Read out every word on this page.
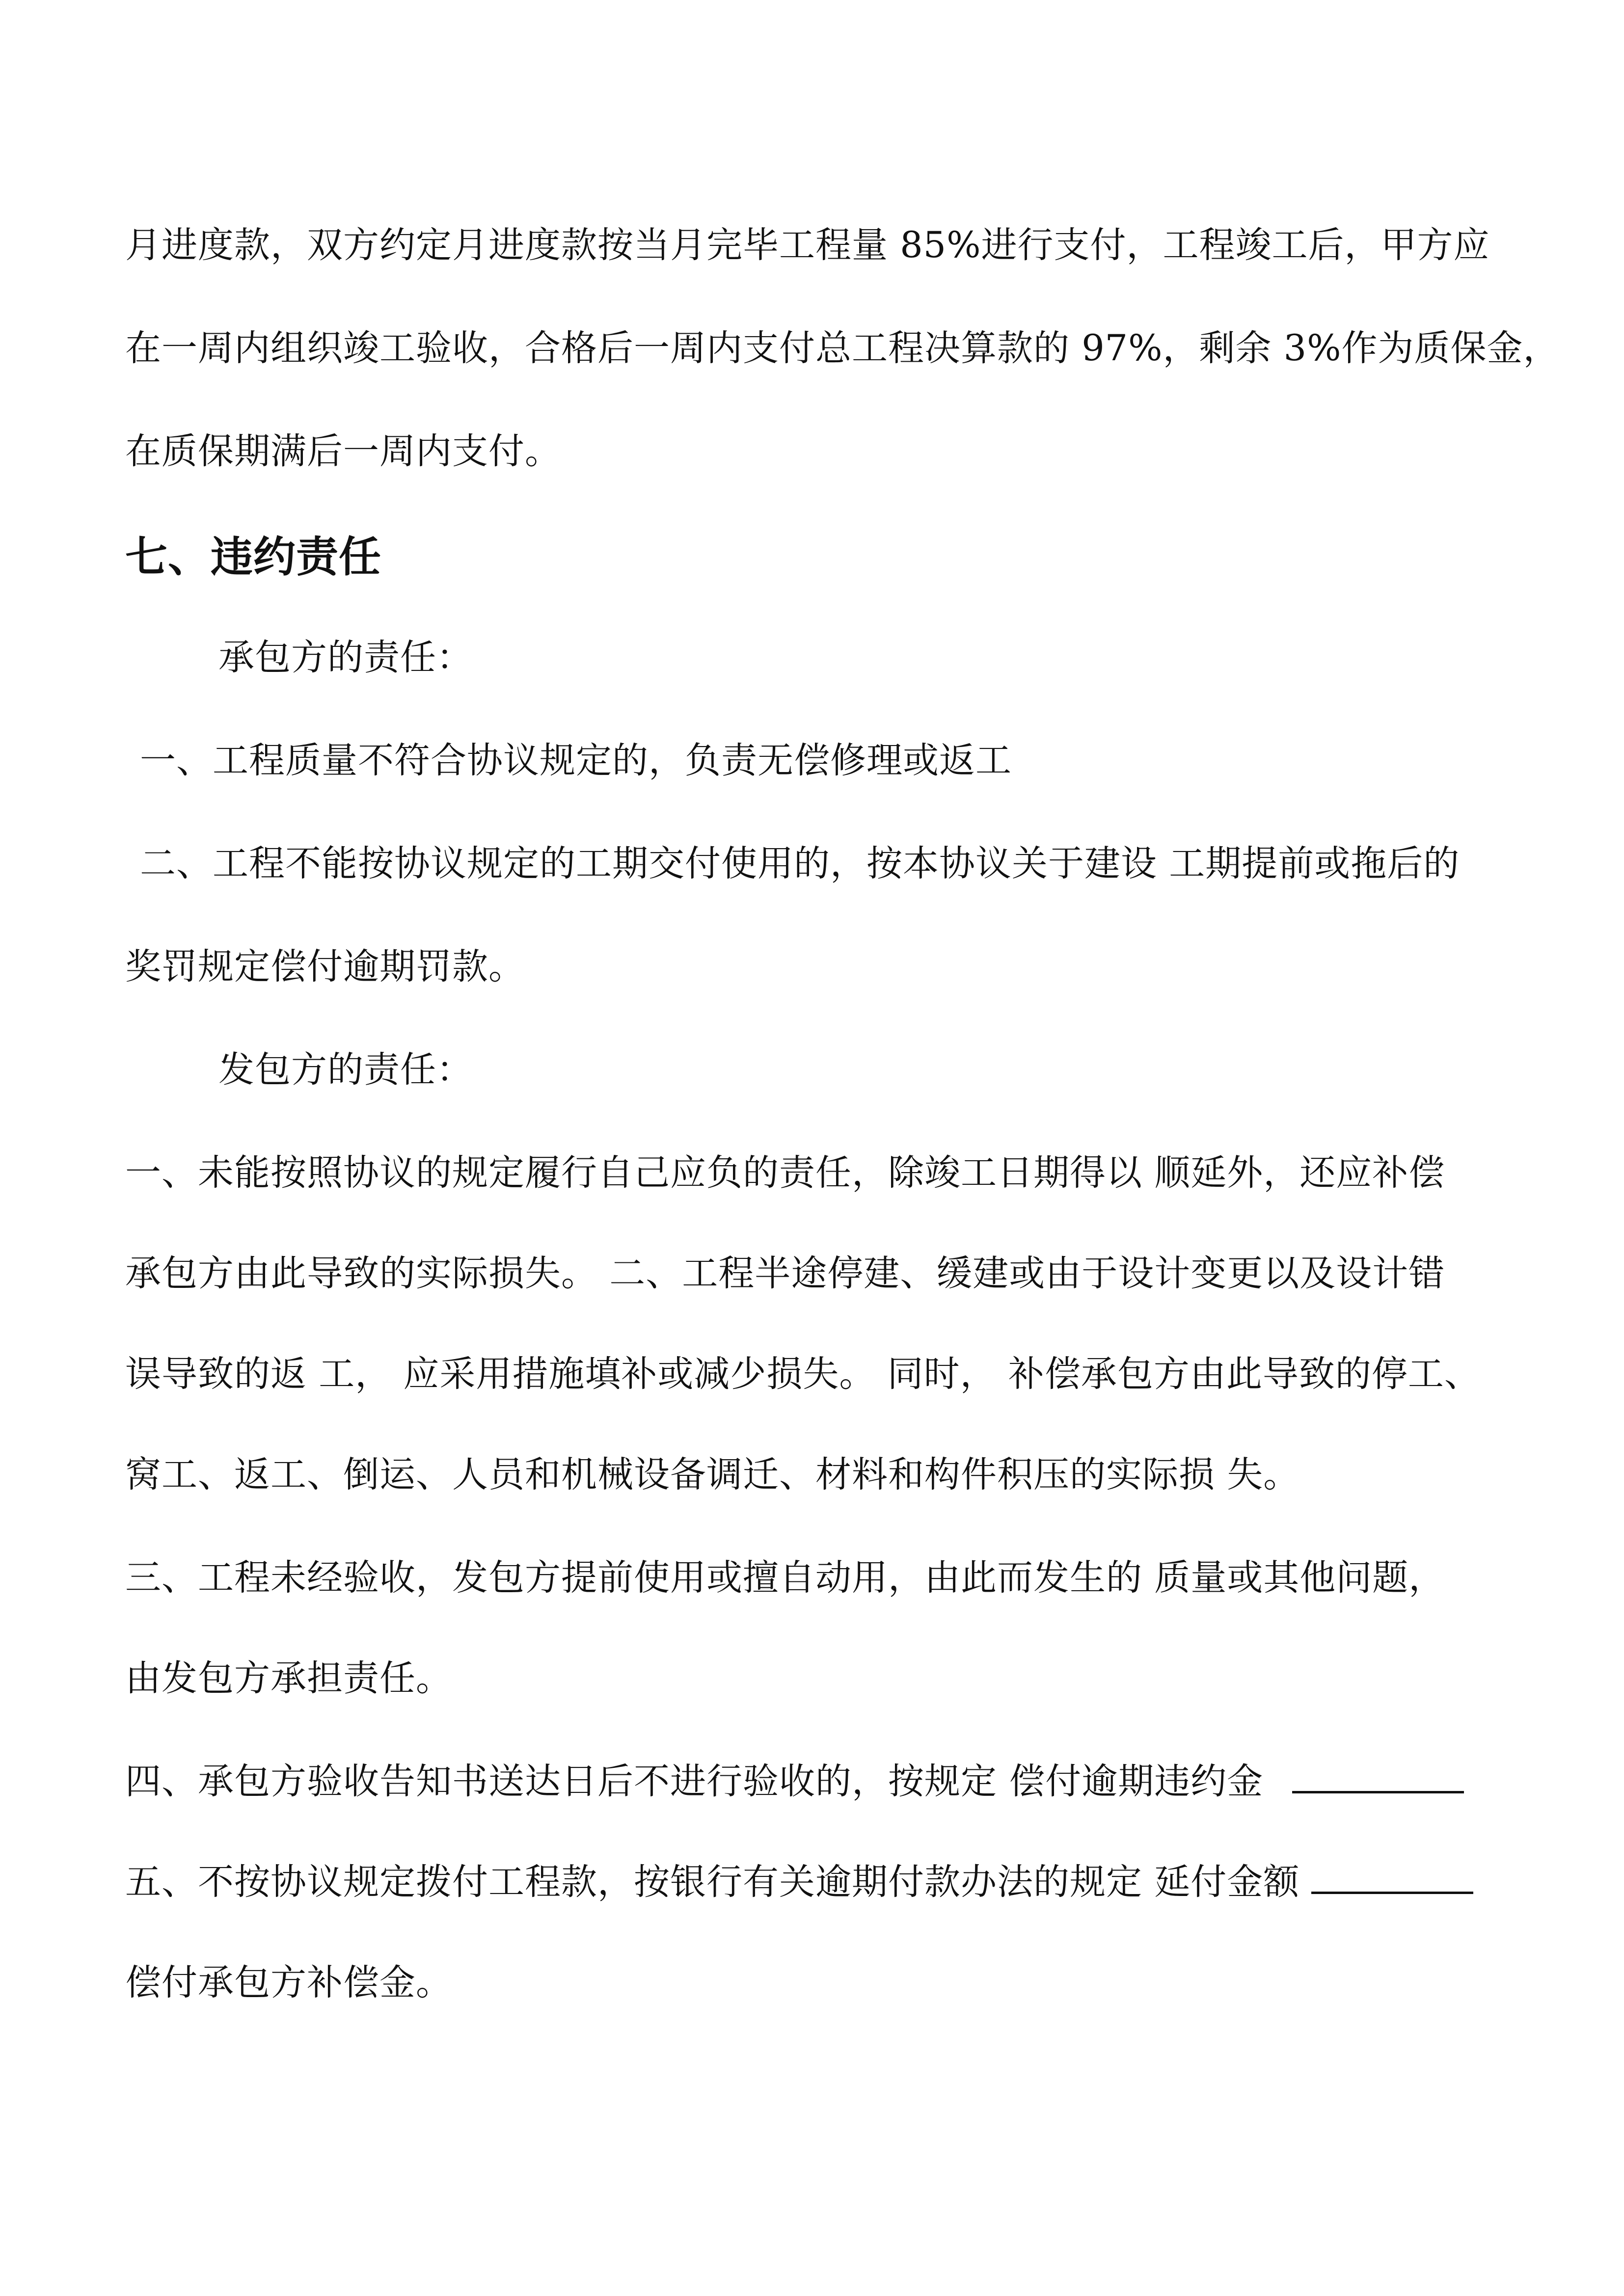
月进度款，双方约定月进度款按当月完毕工程量 85%进行支付，工程竣工后，甲方应

在一周内组织竣工验收，合格后一周内支付总工程决算款的 97%，剩余 3%作为质保金，

在质保期满后一周内支付。

七、违约责任

承包方的责任：

一、工程质量不符合协议规定的，负责无偿修理或返工

二、工程不能按协议规定的工期交付使用的，按本协议关于建设 工期提前或拖后的

奖罚规定偿付逾期罚款。

发包方的责任：

一、未能按照协议的规定履行自己应负的责任，除竣工日期得以 顺延外，还应补偿

承包方由此导致的实际损失。 二、工程半途停建、缓建或由于设计变更以及设计错

误导致的返 工， 应采用措施填补或减少损失。 同时， 补偿承包方由此导致的停工、

窝工、返工、倒运、人员和机械设备调迁、材料和构件积压的实际损 失。

三、工程未经验收，发包方提前使用或擅自动用，由此而发生的 质量或其他问题，

由发包方承担责任。

四、承包方验收告知书送达日后不进行验收的，按规定 偿付逾期违约金
五、不按协议规定拨付工程款，按银行有关逾期付款办法的规定 延付金额

偿付承包方补偿金。
